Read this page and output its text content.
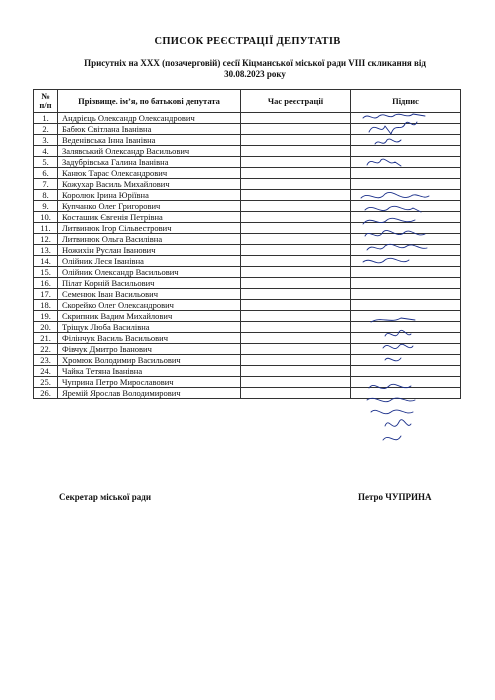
СПИСОК РЕЄСТРАЦІЇ ДЕПУТАТІВ
Присутніх на XXX (позачерговій) сесії Кіцманської міської ради VIII скликання від
30.08.2023 року
№
п/п	Прізвище. ім’я, по батькові депутата	Час реєстрації	Підпис
1.	Андрієць Олександр Олександрович		
2.	Бабюк Світлана Іванівна		
3.	Веденівська Інна Іванівна		
4.	Залявський Олександр Васильович		
5.	Задубрівська Галина Іванівна		
6.	Канюк Тарас Олександрович		
7.	Кожухар Василь Михайлович		
8.	Королюк Ірина Юріївна		
9.	Купчанко Олег Григорович		
10.	Косташик Євгенія Петрівна		
11.	Литвинюк Ігор Сільвестрович		
12.	Литвинюк Ольга Василівна		
13.	Ножихін Руслан Іванович		
14.	Олійник Леся Іванівна		
15.	Олійник Олександр Васильович		
16.	Пілат Корній Васильович		
17.	Семенюк Іван Васильович		
18.	Скорейко Олег Олександрович		
19.	Скрипник Вадим Михайлович		
20.	Тріщук Люба Василівна		
21.	Філінчук Василь Васильович		
22.	Фівчук Дмитро Іванович		
23.	Хромюк Володимир Васильович		
24.	Чайка Тетяна Іванівна		
25.	Чуприна Петро Мирославович		
26.	Яремій Ярослав Володимирович		
Секретар міської ради	Петро ЧУПРИНА
